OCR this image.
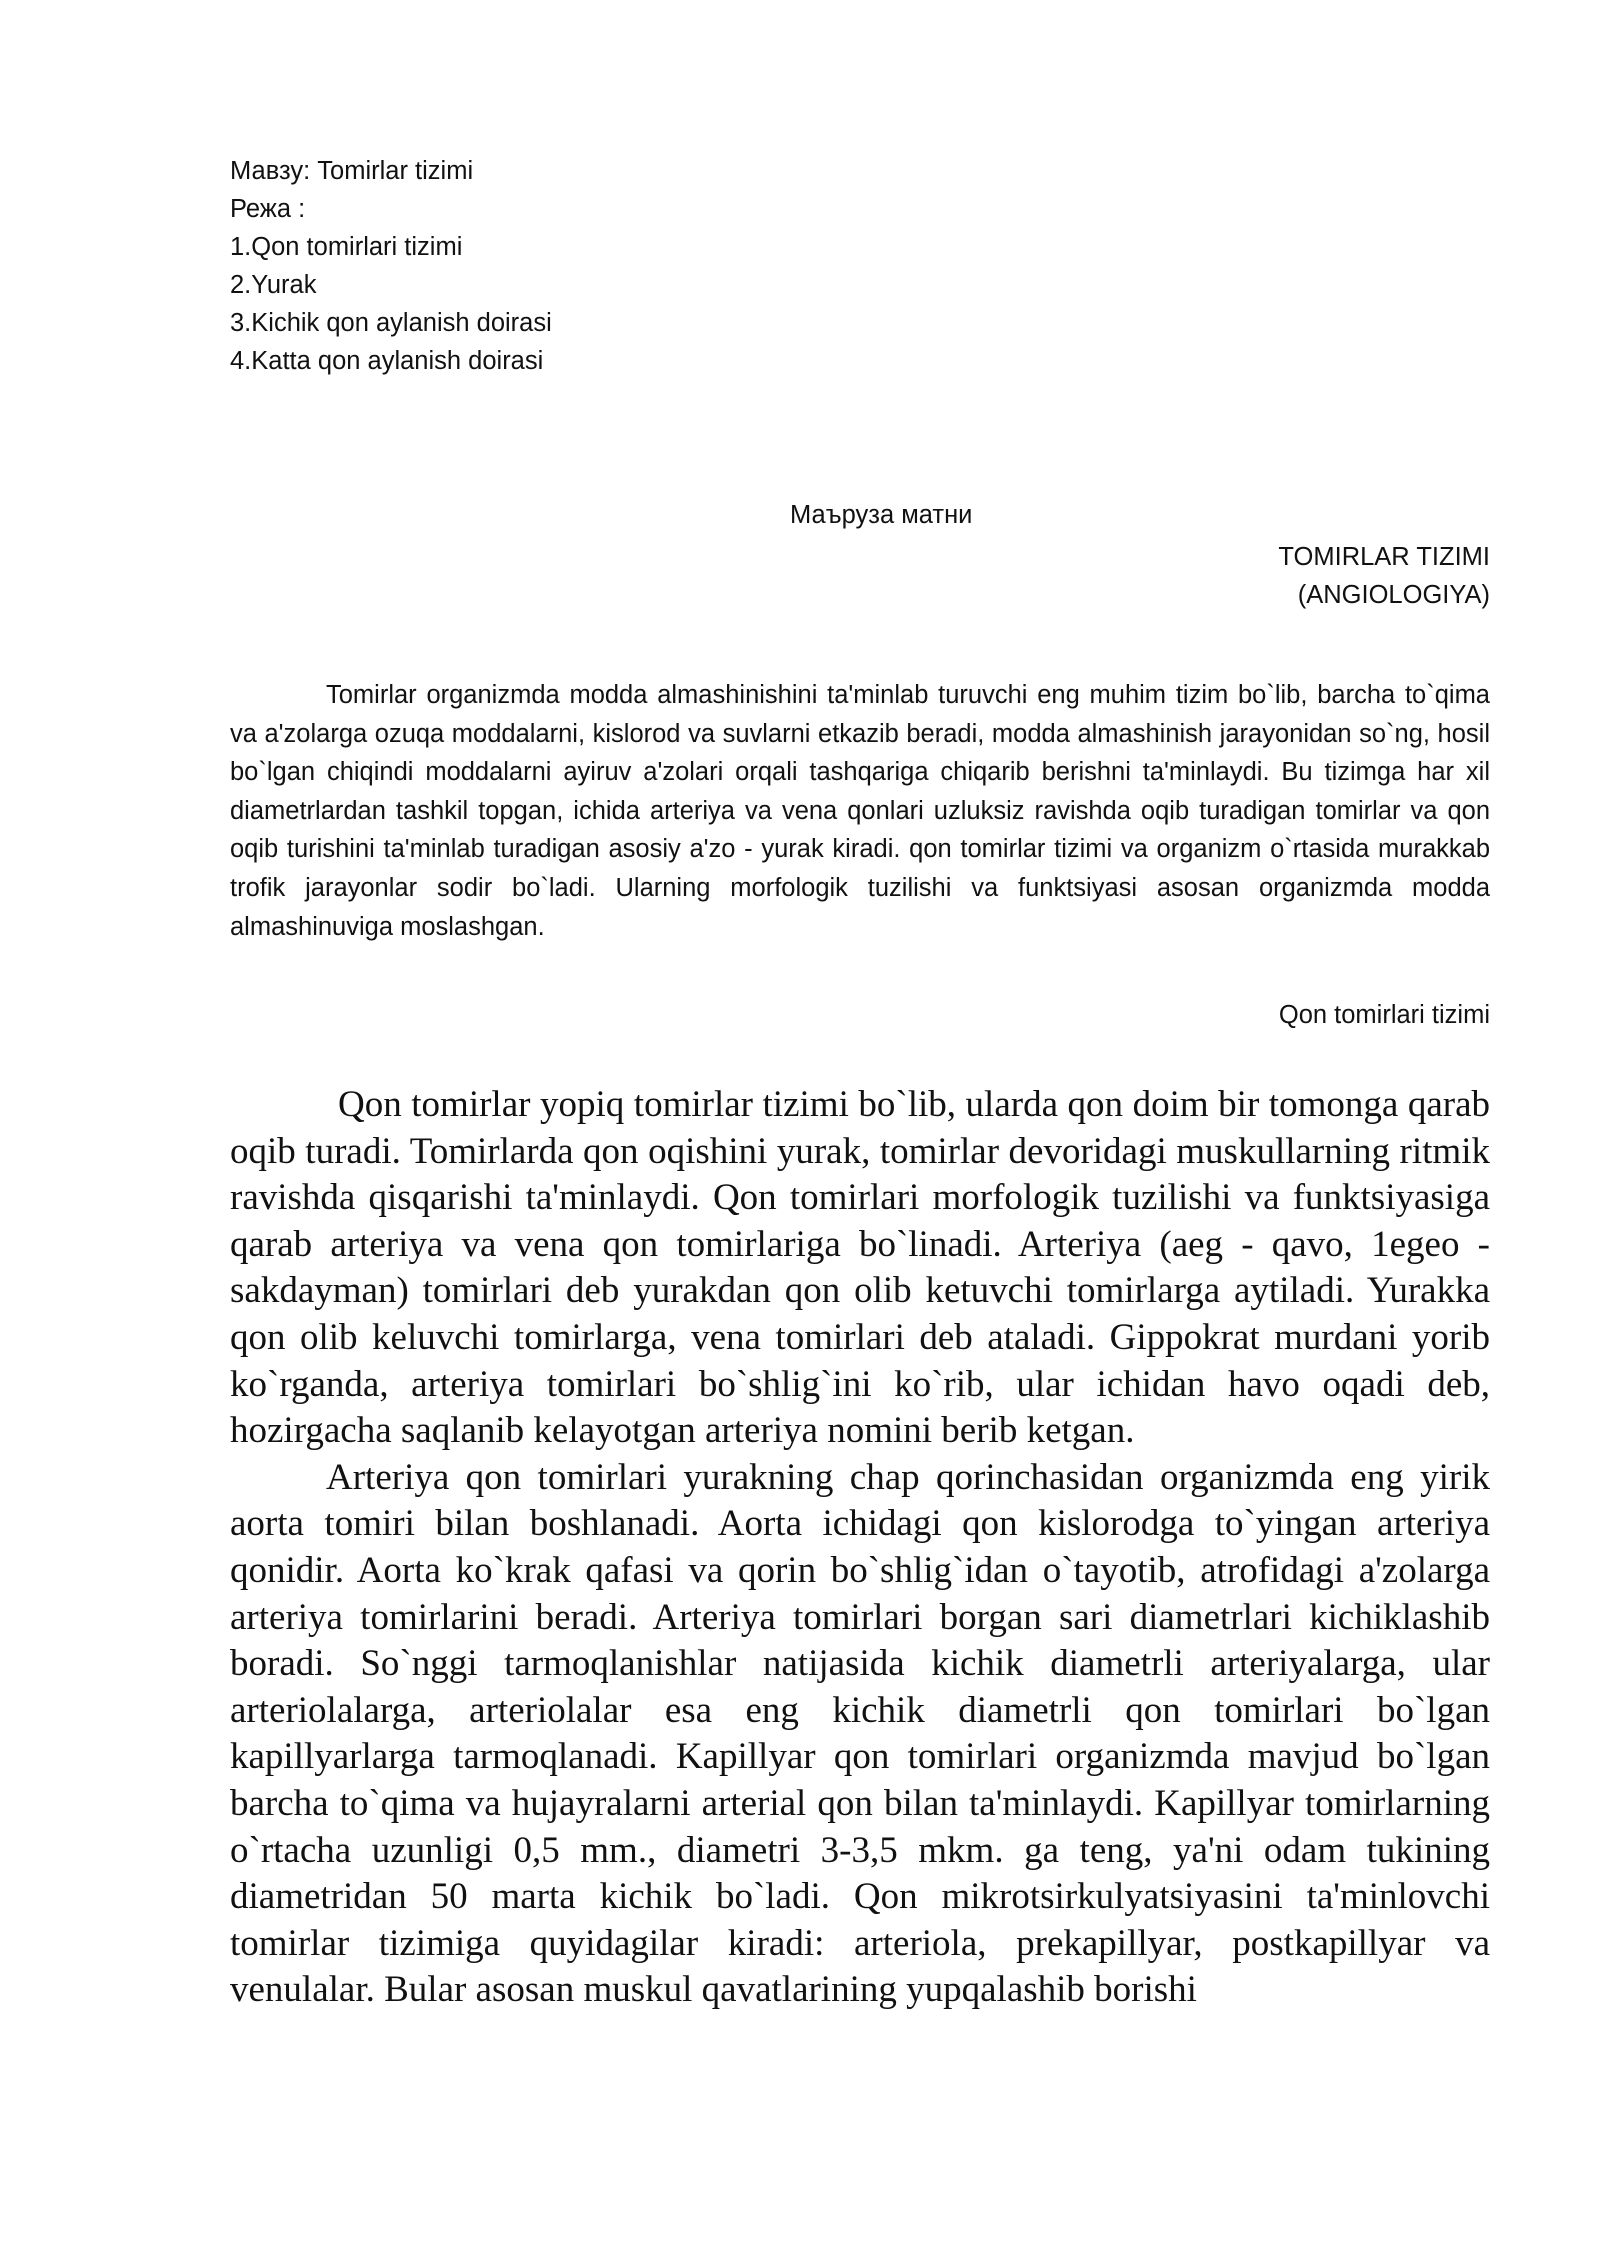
Мавзу: Tomirlar tizimi
Режа :
1.Qon tomirlari tizimi
2.Yurak
3.Kichik qon aylanish doirasi
4.Katta qon aylanish doirasi
Маъруза матни
TOMIRLAR TIZIMI
(ANGIOLOGIYA)

Tomirlar organizmda modda almashinishini ta'minlab turuvchi eng muhim tizim bo`lib, barcha to`qima va a'zolarga ozuqa moddalarni, kislorod va suvlarni etkazib beradi, modda almashinish jarayonidan so`ng, hosil bo`lgan chiqindi moddalarni ayiruv a'zolari orqali tashqariga chiqarib berishni ta'minlaydi. Bu tizimga har xil diametrlardan tashkil topgan, ichida arteriya va vena qonlari uzluksiz ravishda oqib turadigan tomirlar va qon oqib turishini ta'minlab turadigan asosiy a'zo - yurak kiradi. qon tomirlar tizimi va organizm o`rtasida murakkab trofik jarayonlar sodir bo`ladi. Ularning morfologik tuzilishi va funktsiyasi asosan organizmda modda almashinuviga moslashgan.

Qon tomirlari tizimi

Qon tomirlar yopiq tomirlar tizimi bo`lib, ularda qon doim bir tomonga qarab oqib turadi. Tomirlarda qon oqishini yurak, tomirlar devoridagi muskullarning ritmik ravishda qisqarishi ta'minlaydi. Qon tomirlari morfologik tuzilishi va funktsiyasiga qarab arteriya va vena qon tomirlariga bo`linadi. Arteriya (aeg - qavo, 1egeo - sakdayman) tomirlari deb yurakdan qon olib ketuvchi tomirlarga aytiladi. Yurakka qon olib keluvchi tomirlarga, vena tomirlari deb ataladi. Gippokrat murdani yorib ko`rganda, arteriya tomirlari bo`shlig`ini ko`rib, ular ichidan havo oqadi deb, hozirgacha saqlanib kelayotgan arteriya nomini berib ketgan.

Arteriya qon tomirlari yurakning chap qorinchasidan organizmda eng yirik aorta tomiri bilan boshlanadi. Aorta ichidagi qon kislorodga to`yingan arteriya qonidir. Aorta ko`krak qafasi va qorin bo`shlig`idan o`tayotib, atrofidagi a'zolarga arteriya tomirlarini beradi. Arteriya tomirlari borgan sari diametrlari kichiklashib boradi. So`nggi tarmoqlanishlar natijasida kichik diametrli arteriyalarga, ular arteriolalarga, arteriolalar esa eng kichik diametrli qon tomirlari bo`lgan kapillyarlarga tarmoqlanadi. Kapillyar qon tomirlari organizmda mavjud bo`lgan barcha to`qima va hujayralarni arterial qon bilan ta'minlaydi. Kapillyar tomirlarning o`rtacha uzunligi 0,5 mm., diametri 3-3,5 mkm. ga teng, ya'ni odam tukining diametridan 50 marta kichik bo`ladi. Qon mikrotsirkulyatsiyasini ta'minlovchi tomirlar tizimiga quyidagilar kiradi: arteriola, prekapillyar, postkapillyar va venulalar. Bular asosan muskul qavatlarining yupqalashib borishi
